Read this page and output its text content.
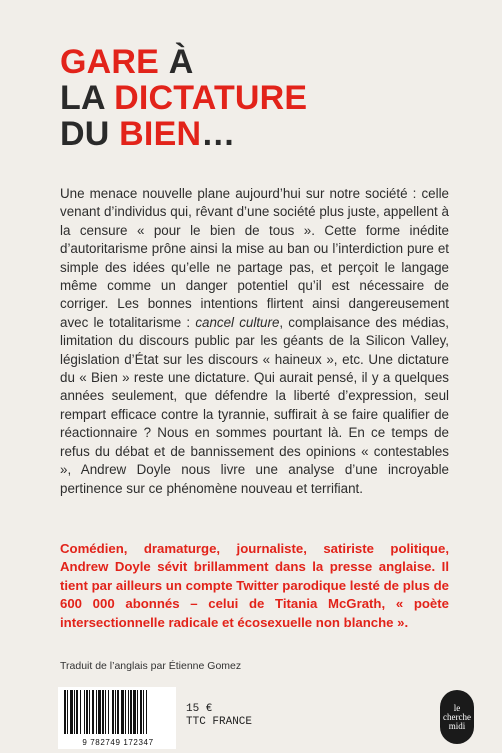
GARE À
LA DICTATURE
DU BIEN…

Une menace nouvelle plane aujourd’hui sur notre société : celle venant d’individus qui, rêvant d’une société plus juste, appellent à la censure « pour le bien de tous ». Cette forme inédite d’autoritarisme prône ainsi la mise au ban ou l’interdiction pure et simple des idées qu’elle ne partage pas, et perçoit le langage même comme un danger potentiel qu’il est nécessaire de corriger. Les bonnes intentions flirtent ainsi dangereusement avec le totalitarisme : cancel culture, complaisance des médias, limitation du discours public par les géants de la Silicon Valley, législation d’État sur les discours « haineux », etc. Une dictature du « Bien » reste une dictature. Qui aurait pensé, il y a quelques années seulement, que défendre la liberté d’expression, seul rempart efficace contre la tyrannie, suffirait à se faire qualifier de réactionnaire ? Nous en sommes pourtant là. En ce temps de refus du débat et de bannissement des opinions « contestables », Andrew Doyle nous livre une analyse d’une incroyable pertinence sur ce phénomène nouveau et terrifiant.

Comédien, dramaturge, journaliste, satiriste politique, Andrew Doyle sévit brillamment dans la presse anglaise. Il tient par ailleurs un compte Twitter parodique lesté de plus de 600 000 abonnés – celui de Titania McGrath, « poète intersectionnelle radicale et écosexuelle non blanche ».
Traduit de l’anglais par Étienne Gomez
9 782749 172347
15 €
TTC FRANCE
le
cherche
midi
